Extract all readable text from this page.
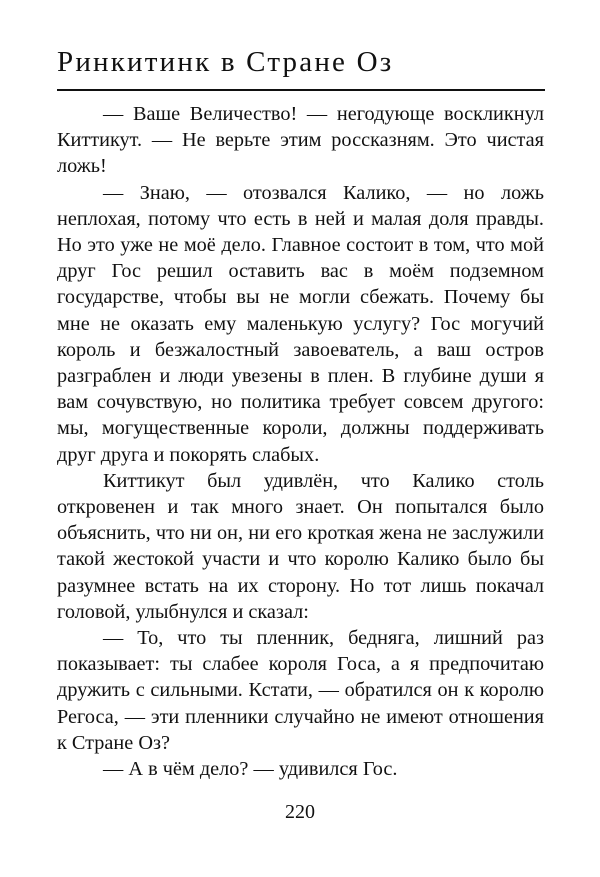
Ринкитинк в Стране Оз

— Ваше Величество! — негодующе воскликнул Киттикут. — Не верьте этим россказням. Это чистая ложь!

— Знаю, — отозвался Калико, — но ложь неплохая, потому что есть в ней и малая доля правды. Но это уже не моё дело. Главное состоит в том, что мой друг Гос решил оставить вас в моём подземном государстве, чтобы вы не могли сбежать. Почему бы мне не оказать ему маленькую услугу? Гос могучий король и безжалостный завоеватель, а ваш остров разграблен и люди увезены в плен. В глубине души я вам сочувствую, но политика требует совсем другого: мы, могущественные короли, должны поддерживать друг друга и покорять слабых.

Киттикут был удивлён, что Калико столь откровенен и так много знает. Он попытался было объяснить, что ни он, ни его кроткая жена не заслужили такой жестокой участи и что королю Калико было бы разумнее встать на их сторону. Но тот лишь покачал головой, улыбнулся и сказал:

— То, что ты пленник, бедняга, лишний раз показывает: ты слабее короля Госа, а я предпочитаю дружить с сильными. Кстати, — обратился он к королю Регоса, — эти пленники случайно не имеют отношения к Стране Оз?

— А в чём дело? — удивился Гос.

220
